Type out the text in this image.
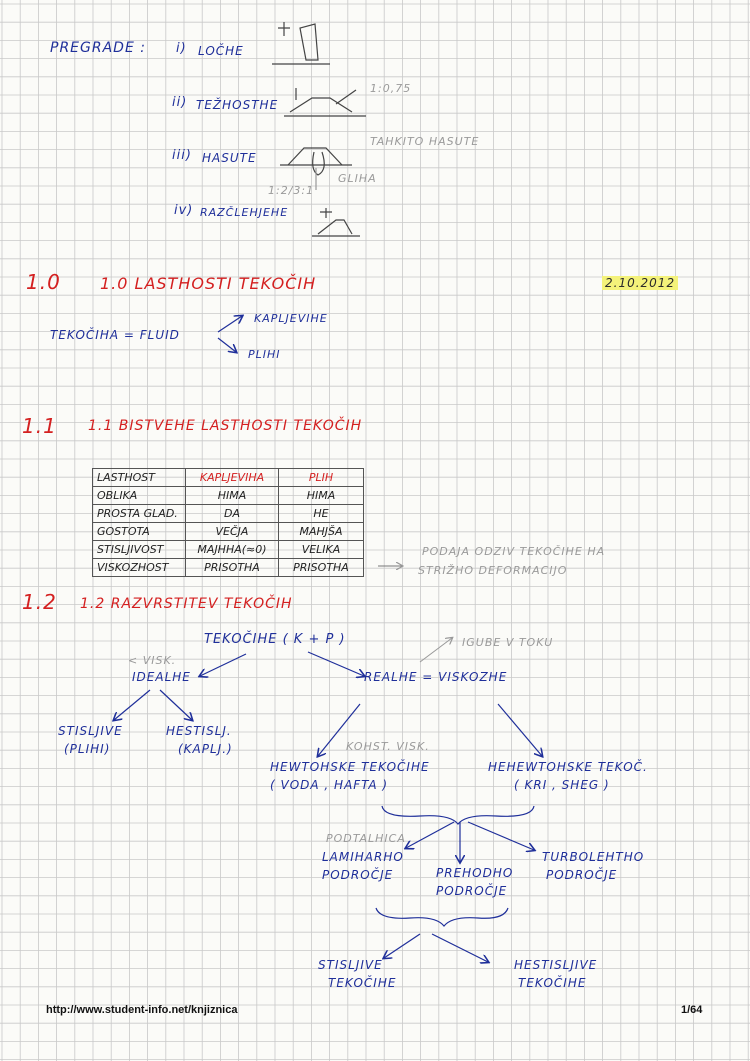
PREGRADE : i) LOČHE
ii) TEŽHOSTHE
iii) HASUTE
iv) RAZČLEHJEHE
1:0,75
TAHKITO HASUTE
GLIHA
1:2/3:1
1.0 1.0 LASTHOSTI TEKOČIH	2.10.2012
TEKOČIHA = FLUID
KAPLJEVIHE
PLIHI
1.1 1.1 BISTVEHE LASTHOSTI TEKOČIH
LASTHOST	KAPLJEVIHA	PLIH
OBLIKA	HIMA	HIMA
PROSTA GLAD.	DA	HE
GOSTOTA	VEČJA	MAHJŠA
STISLJIVOST	MAJHHA(≈0)	VELIKA
VISKOZHOST	PRISOTHA	PRISOTHA
PODAJA ODZIV TEKOČIHE HA
STRIŽHO DEFORMACIJO
1.2 1.2 RAZVRSTITEV TEKOČIH
TEKOČIHE ( K + P )
< VISK.
IDEALHE	REALHE = VISKOZHE
IGUBE V TOKU
STISLJIVE
(PLIHI)
HESTISLJ.
(KAPLJ.)	KOHST. VISK.
HEWTOHSKE TEKOČIHE
( VODA , HAFTA )
HEHEWTOHSKE TEKOČ.
( KRI , SHEG )
PODTALHICA
LAMIHARHO
PODROČJE	PREHODHO
PODROČJE
TURBOLEHTHO
PODROČJE
STISLJIVE
TEKOČIHE
HESTISLJIVE
TEKOČIHE
http://www.student-info.net/knjiznica	1/64
